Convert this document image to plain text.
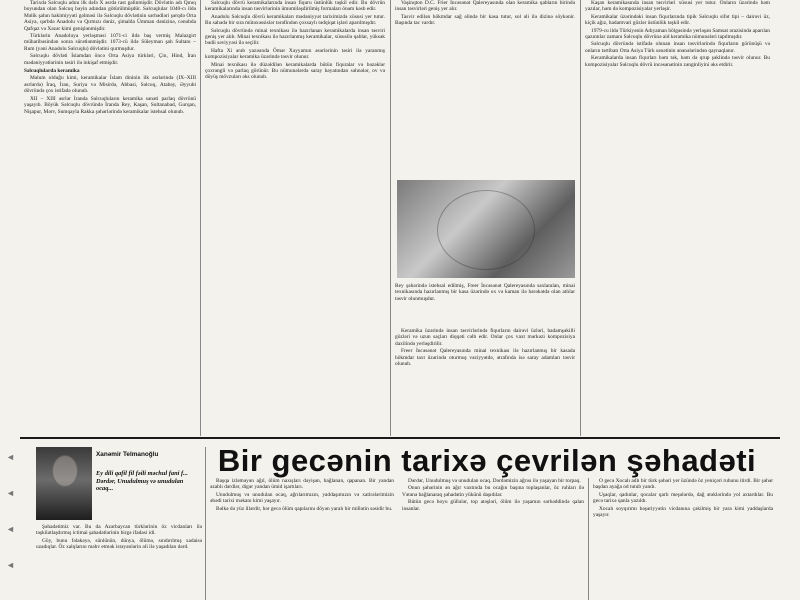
Tarixdə Səlcuqlu adını ilk dəfə X əsrdə rast gəlinmişdir. Dövlətin adı Qınıq boyundan olan Səlcuq bəyin adından götürülmüşdür. Səlcuqlular 1040-cı ildə Məlik şahın hakimiyyəti gəlməsi ilə Səlcuqlu dövlətinin sərhədləri şərqdə Orta Asiya, qərbdə Anadolu və Qırmızı dəniz, şimalda Ümman dənizinə, cənubda Qafqaz və Xəzər kimi genişlənmişdir.

Türklərin Anadoluya yerləşməsi 1071-ci ildə baş vermiş Malazgirt müharibəsindən sonra sürətlənmişdir. 1073-cü ildə Süleyman şah Sultanı – Rum (yəni Anadolu Səlcuqlu) dövlətini qurmuşdur.

Səlcuqlu dövləti İslamdan öncə Orta Asiya türkləri, Çin, Hind, İran mədəniyyətlərinin təsiri ilə inkişaf etmişdir.

Səlcuqlularda keramika

Məlum olduğu kimi, keramikalar İslam dininin ilk əsrlərində (IX–XIII əsrlərdə) İraq, İran, Suriya və Misirdə, Abbasi, Səlcuq, Atabəy, Əyyubi dövründə çox istifadə olunub.

XII – XIII əsrlər İranda Səlcuqluların keramika sənəti parlaq dövrünü yaşayıb. Böyük Səlcuqlu dövründə İranda Rey, Kaşan, Sultanabad, Gurqan, Nişapur, Mərv, Sumqayla Rakka şəhərlərində keramikalar istehsal olunub.

Səlcuqlu dövrü keramikalarında insan fiquru üstünlük təşkil edir. Bu dövrün keramikalarında insan təsvirlərinin ümumiləşdirilmiş formaları önəm kəsb edir.

Anadolu Səlcuqlu dövrü keramikaları mədəniyyət tariximizdə xüsusi yer tutur. Bu sahədə bir sıra mütəxəssislər tərəfindən çoxsaylı tədqiqat işləri aparılmışdır.

Səlcuqlu dövründə minai texnikası ilə hazırlanan keramikalarda insan təsviri geniş yer alıb. Minai texnikası ilə hazırlanmış keramikalar, xüsusilə qablar, yüksək bədii səviyyəsi ilə seçilir.

Hafta Xi ərəb yazısında Ömər Xəyyamın əsərlərinin təsiri ilə yaranmış kompozisiyalar keramika üzərində təsvir olunur.

Minai texnikası ilə düzəldilən keramikalarda bütün fiquralar və bəzəklər çoxrəngli və parlaq görünür. Bu nümunələrdə saray həyatından səhnələr, ov və döyüş mövzuları əks olunub.

Vaşinqton D.C. Frier İncəsənət Qalereyasında olan keramika qabların birində insan təsvirləri geniş yer alır.

Tasvir edilən hökmdar sağ əlində bir kasa tutur, sol əli ilə dizinə söykənir. Başında tac vardır.

Rey şəhərində istehsal edilmiş, Freer İncəsənət Qalereyasında saxlanılan, minai texnikasında hazırlanmış bir kasa üzərində ox və kaman ilə hərəkətdə olan atlılar təsvir olunmuşdur.

Keramika üzərində insan təsvirlərində fiqurların dairəvi üzləri, badamşəkilli gözləri və uzun saçları diqqəti cəlb edir. Onlar çox vaxt mərkəzi kompozisiya daxilində yerləşdirilir.

Freer İncəsənət Qalereyasında minai texnikası ilə hazırlanmış bir kasada hökmdar taxt üzərində oturmuş vəziyyətdə, ətrafında isə saray adamları təsvir olunub.

Kaşan keramikasında insan təsvirləri xüsusi yer tutur. Onların üzərində həm yazılar, həm də kompozisiyalar yerləşir.

Keramikalar üzərindəki insan fiqurlarında tipik Səlcuqlu sifət tipi – dairəvi üz, kiçik ağız, badamvari gözlər üstünlük təşkil edir.

1979-cu ildə Türkiyənin Adıyaman bölgəsində yerləşən Samsat ərazisində aparılan qazıntılar zamanı Səlcuqlu dövrünə aid keramika nümunələri tapılmışdır.

Səlcuqlu dövründə istifadə olunan insan təsvirlərində fiqurların görünüşü və onların tərtibatı Orta Asiya Türk sənətinin ənənələrindən qaynaqlanır.

Keramikalarda insan fiqurları həm tək, həm də qrup şəklində təsvir olunur. Bu kompozisiyalar Səlcuqlu dövrü incəsənətinin zənginliyini əks etdirir.

Xanəmir Telmanoğlu
Ey dili qafil fil fəili məchul fani f... Dərdər, Unudulmuş və unudulan ocaq...
Bir gecənin tarixə çevrilən şəhadəti

Şəhadətimiz var. Bu da Azərbaycan türklərinin öz vicdanları ilə təşkilatlaşdırmış ictimai şahadətlərinin birgə ifadəsi idi.

Göy, bunu fəlakəyə, sünlünün, dünya, ölümə, sındırılmış xadaisə uzadıqlar. Öz xalqlarını məhv etmək istəyənlərin əli ilə yaşadılan dərd.

Başqa izləməyən ağıl, ölüm naxışları dəyişən, bağlanan, qapanan. Bir yandan əzablı dərdlər, digər yandan ümid işartıları.

Unudulmuş və unudulan ocaq, ağrılarımızın, yaddaşımızın və xatirələrimizin əbədi tarixi məkanı kimi yaşayır.

Bəlkə də yüz illərdir, hər gecə ölüm qapılarını döyən yaralı bir millətin səsidir bu.

Dərdər, Unudulmuş və unudulan ocaq. Dərdəmizin ağrısı ilə yaşayan bir torpaq.

Onun şəhərinin ən ağır vaxtında bu ocağın başına toplaşanlar, öz ruhları ilə Vətənə bağlanaraq şəhadətin yükünü daşıdılar.

Bütün gecə boyu güllələr, top atəşləri, ölüm ilə yaşamın sərhəddində qalan insanlar.

O gecə Xocalı adlı bir türk şəhəri yer üzündə öz yeniçəri ruhunu itirdi. Bir şəhər başdan ayağa od tutub yandı.

Uşaqlar, qadınlar, qocalar qarlı meşələrdə, dağ ətəklərində yol axtardılar. Bu gecə tarixə qanla yazıldı.

Xocalı soyqırımı bəşəriyyətin vicdanına çəkilmiş bir yara kimi yaddaşlarda yaşayır.

◄
◄
◄
◄
